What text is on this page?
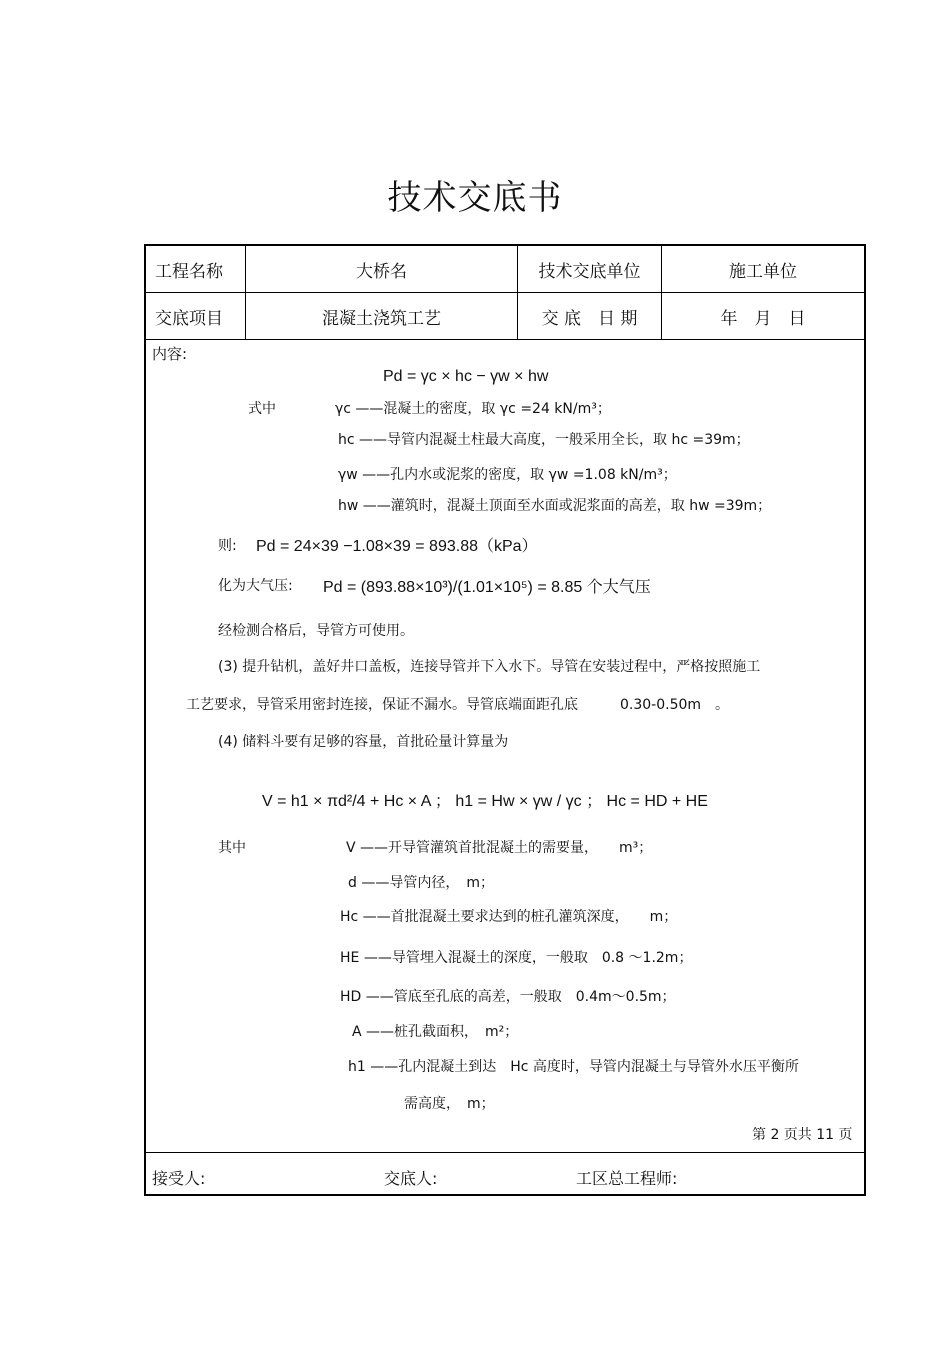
技术交底书
工程名称	大桥名	技术交底单位	施工单位
交底项目	混凝土浇筑工艺	交 底　日 期	年　月　日
内容:
Pd = γc × hc − γw × hw
式中	γc ——混凝土的密度，取 γc =24 kN/m³；
hc ——导管内混凝土柱最大高度，一般采用全长，取 hc =39m；
γw ——孔内水或泥浆的密度，取 γw =1.08 kN/m³；
hw ——灌筑时，混凝土顶面至水面或泥浆面的高差，取 hw =39m；
则: Pd = 24×39 −1.08×39 = 893.88（kPa）
化为大气压: Pd = (893.88×10³)/(1.01×10⁵) = 8.85 个大气压
经检测合格后，导管方可使用。
(3) 提升钻机，盖好井口盖板，连接导管并下入水下。导管在安装过程中，严格按照施工
工艺要求，导管采用密封连接，保证不漏水。导管底端面距孔底　　　0.30-0.50m　。
(4) 储料斗要有足够的容量，首批砼量计算量为
V = h1 × πd²/4 + Hc × A ； h1 = Hw × γw / γc ； Hc = HD + HE
其中	V ——开导管灌筑首批混凝土的需要量，　　m³；
d ——导管内径，　m；
Hc ——首批混凝土要求达到的桩孔灌筑深度，　　m；
HE ——导管埋入混凝土的深度，一般取　0.8 ～1.2m；
HD ——管底至孔底的高差，一般取　0.4m～0.5m；
A ——桩孔截面积，　m²；
h1 ——孔内混凝土到达　Hc 高度时，导管内混凝土与导管外水压平衡所
需高度，　m；
第 2 页共 11 页
接受人:	交底人:	工区总工程师:
